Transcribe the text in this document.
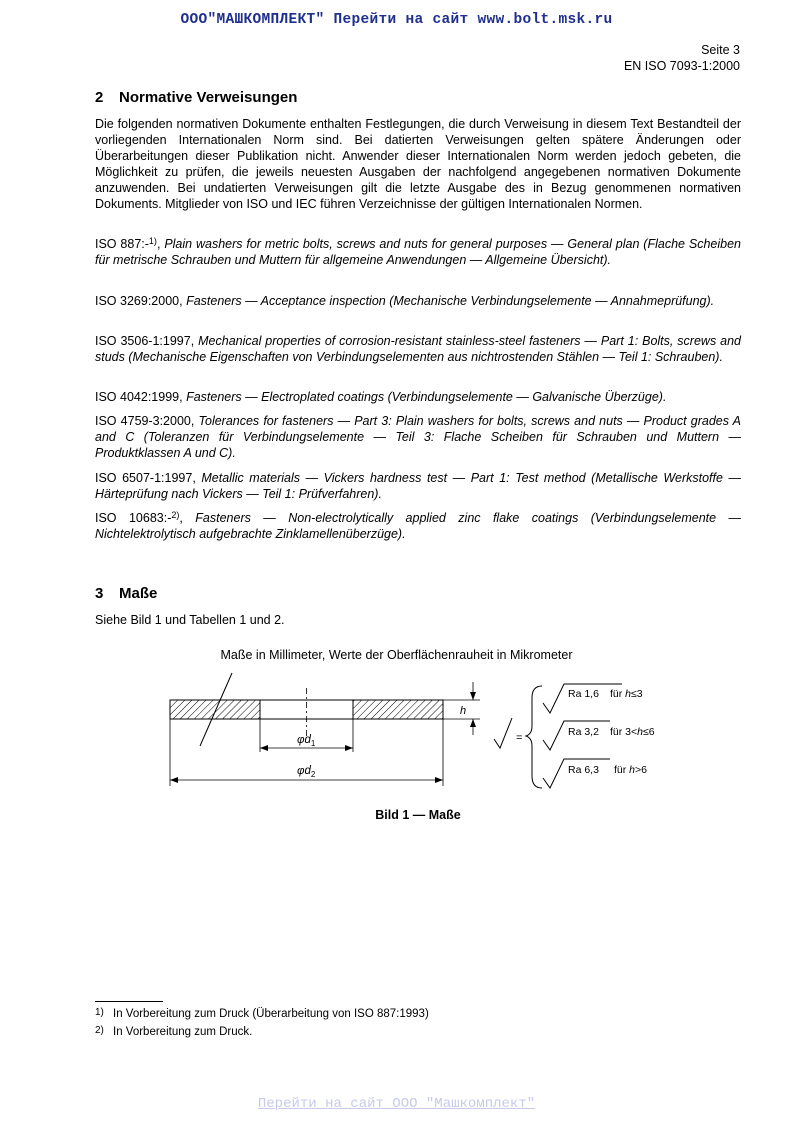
ООО"МАШКОМПЛЕКТ" Перейти на сайт www.bolt.msk.ru
Seite 3
EN ISO 7093-1:2000
2 Normative Verweisungen

Die folgenden normativen Dokumente enthalten Festlegungen, die durch Verweisung in diesem Text Bestandteil der vorliegenden Internationalen Norm sind. Bei datierten Verweisungen gelten spätere Änderungen oder Überarbeitungen dieser Publikation nicht. Anwender dieser Internationalen Norm werden jedoch gebeten, die Möglichkeit zu prüfen, die jeweils neuesten Ausgaben der nachfolgend angegebenen normativen Dokumente anzuwenden. Bei undatierten Verweisungen gilt die letzte Ausgabe des in Bezug genommenen normativen Dokuments. Mitglieder von ISO und IEC führen Verzeichnisse der gültigen Internationalen Normen.

ISO 887:-$^{1)}$, Plain washers for metric bolts, screws and nuts for general purposes — General plan (Flache Scheiben für metrische Schrauben und Muttern für allgemeine Anwendungen — Allgemeine Übersicht).

ISO 3269:2000, Fasteners — Acceptance inspection (Mechanische Verbindungselemente — Annahmeprüfung).

ISO 3506-1:1997, Mechanical properties of corrosion-resistant stainless-steel fasteners — Part 1: Bolts, screws and studs (Mechanische Eigenschaften von Verbindungselementen aus nichtrostenden Stählen — Teil 1: Schrauben).

ISO 4042:1999, Fasteners — Electroplated coatings (Verbindungselemente — Galvanische Überzüge).

ISO 4759-3:2000, Tolerances for fasteners — Part 3: Plain washers for bolts, screws and nuts — Product grades A and C (Toleranzen für Verbindungselemente — Teil 3: Flache Scheiben für Schrauben und Muttern — Produktklassen A und C).

ISO 6507-1:1997, Metallic materials — Vickers hardness test — Part 1: Test method (Metallische Werkstoffe — Härteprüfung nach Vickers — Teil 1: Prüfverfahren).

ISO 10683:-$^{2)}$, Fasteners — Non-electrolytically applied zinc flake coatings (Verbindungselemente — Nichtelektrolytisch aufgebrachte Zinklamellenüberzüge).

3 Maße

Siehe Bild 1 und Tabellen 1 und 2.

Maße in Millimeter, Werte der Oberflächenrauheit in Mikrometer
h
$\varphi d_1$
$\varphi d_2$
=
Ra 1,6 für h≤3
Ra 3,2 für 3<h≤6
Ra 6,3 für h>6
Bild 1 — Maße
1) In Vorbereitung zum Druck (Überarbeitung von ISO 887:1993)
2) In Vorbereitung zum Druck.
Перейти на сайт ООО "Машкомплект"
